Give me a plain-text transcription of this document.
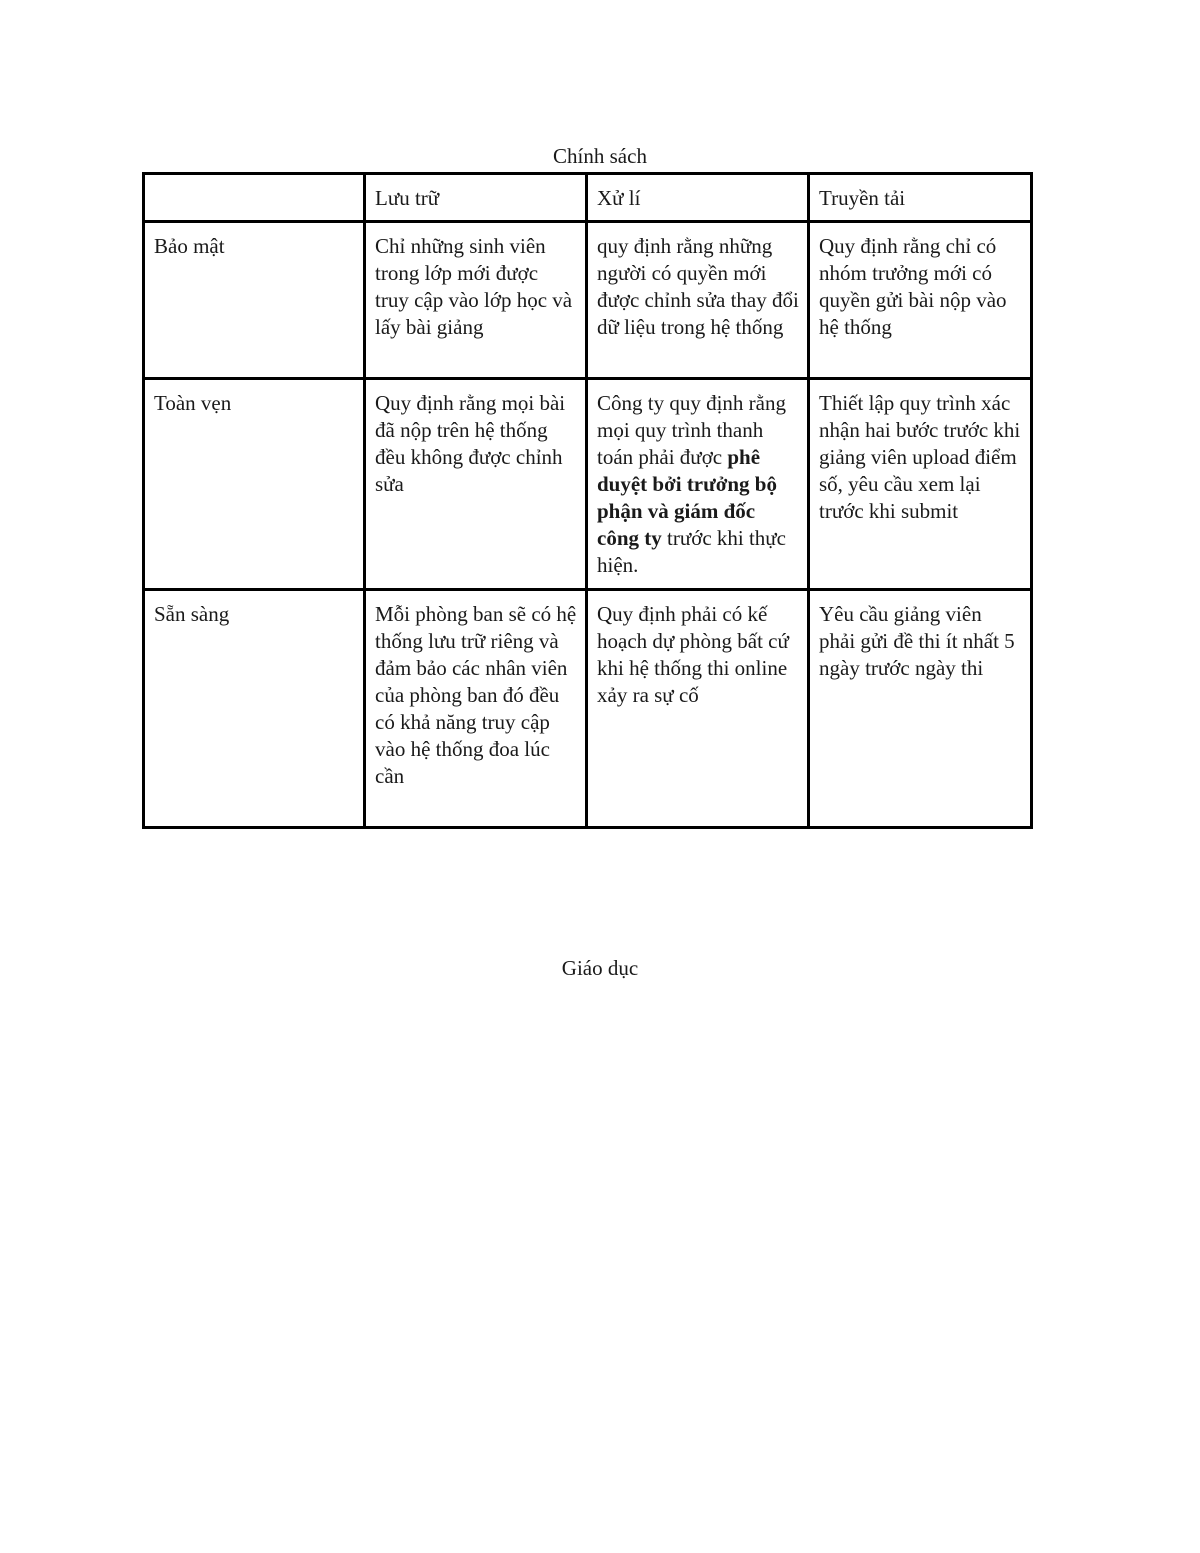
Chính sách
	Lưu trữ	Xử lí	Truyền tải
Bảo mật	Chỉ những sinh viên trong lớp mới được truy cập vào lớp học và lấy bài giảng	quy định rằng những người có quyền mới được chỉnh sửa thay đổi dữ liệu trong hệ thống	Quy định rằng chỉ có nhóm trưởng mới có quyền gửi bài nộp vào hệ thống
Toàn vẹn	Quy định rằng mọi bài đã nộp trên hệ thống đều không được chỉnh sửa	Công ty quy định rằng mọi quy trình thanh toán phải được phê duyệt bởi trưởng bộ phận và giám đốc công ty trước khi thực hiện.	Thiết lập quy trình xác nhận hai bước trước khi giảng viên upload điểm số, yêu cầu xem lại trước khi submit
Sẵn sàng	Mỗi phòng ban sẽ có hệ thống lưu trữ riêng và đảm bảo các nhân viên của phòng ban đó đều có khả năng truy cập vào hệ thống đoa lúc cần	Quy định phải có kế hoạch dự phòng bất cứ khi hệ thống thi online xảy ra sự cố	Yêu cầu giảng viên phải gửi đề thi ít nhất 5 ngày trước ngày thi
Giáo dục
